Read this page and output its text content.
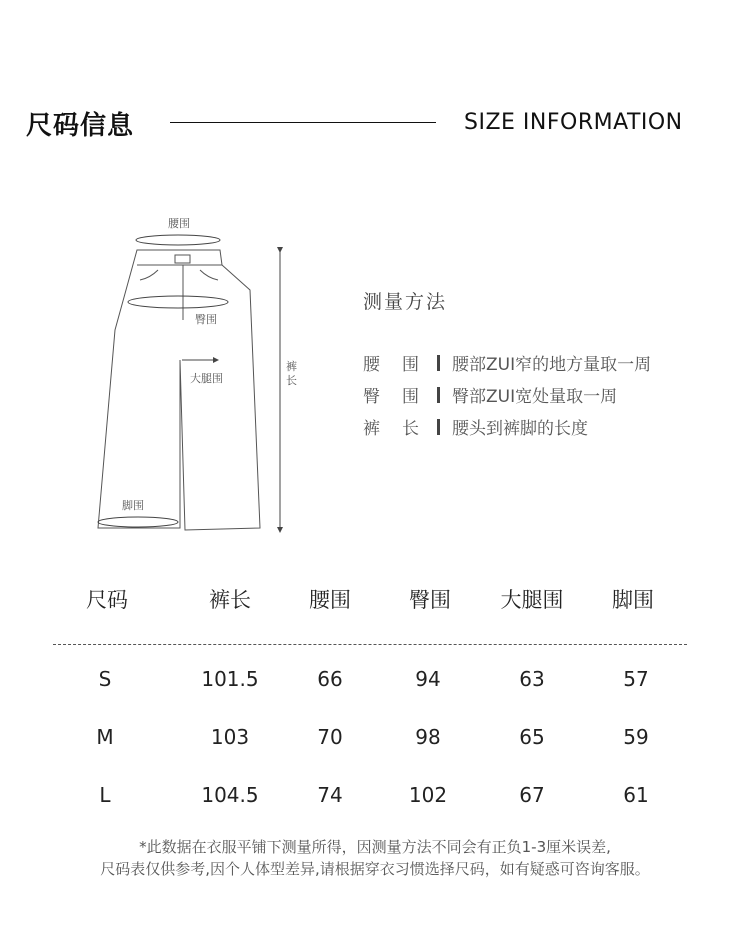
尺码信息	SIZE INFORMATION
腰围
臀围
大腿围
脚围
裤
长
测量方法
腰 围 腰部ZUI窄的地方量取一周
臀 围 臀部ZUI宽处量取一周
裤 长 腰头到裤脚的长度
尺码	裤长	腰围	臀围	大腿围	脚围
S	101.5	66	94	63	57
M	103	70	98	65	59
L	104.5	74	102	67	61
*此数据在衣服平铺下测量所得，因测量方法不同会有正负1-3厘米误差,
尺码表仅供参考,因个人体型差异,请根据穿衣习惯选择尺码，如有疑惑可咨询客服。
